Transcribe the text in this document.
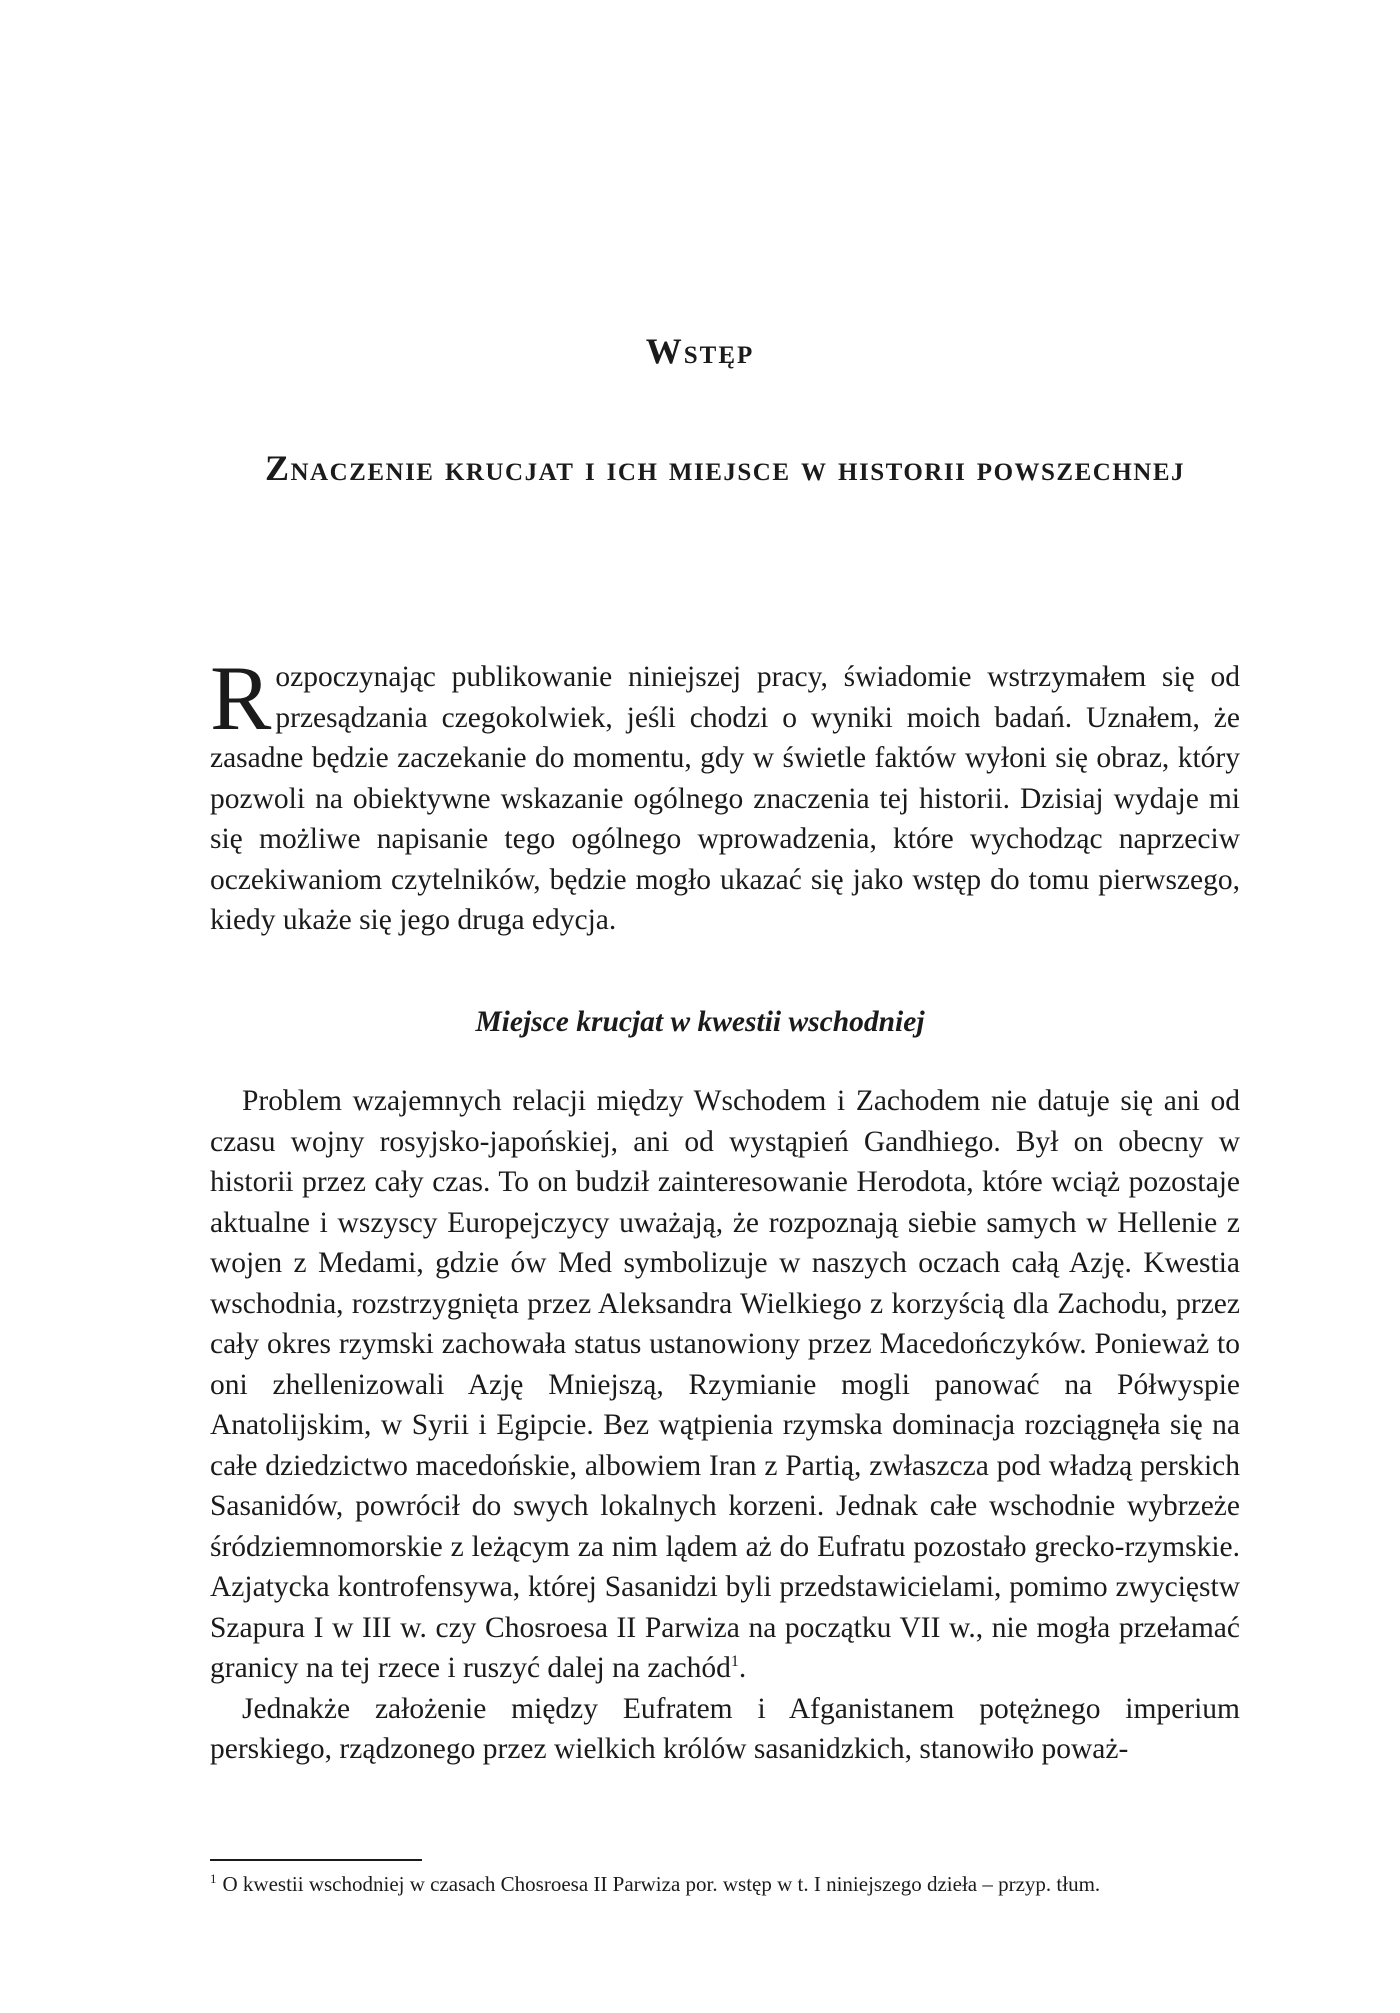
Wstęp
Znaczenie krucjat i ich miejsce w historii powszechnej

Rozpoczynając publikowanie niniejszej pracy, świadomie wstrzymałem się od przesądzania czegokolwiek, jeśli chodzi o wyniki moich badań. Uznałem, że zasadne będzie zaczekanie do momentu, gdy w świetle faktów wyłoni się obraz, który pozwoli na obiektywne wskazanie ogólnego znaczenia tej historii. Dzisiaj wydaje mi się możliwe napisanie tego ogólnego wprowadzenia, które wychodząc naprzeciw oczekiwaniom czytelników, będzie mogło ukazać się jako wstęp do tomu pierwszego, kiedy ukaże się jego druga edycja.

Miejsce krucjat w kwestii wschodniej

Problem wzajemnych relacji między Wschodem i Zachodem nie datuje się ani od czasu wojny rosyjsko-japońskiej, ani od wystąpień Gandhiego. Był on obecny w historii przez cały czas. To on budził zainteresowanie Herodota, które wciąż pozostaje aktualne i wszyscy Europejczycy uważają, że rozpoznają siebie samych w Hellenie z wojen z Medami, gdzie ów Med symbolizuje w naszych oczach całą Azję. Kwestia wschodnia, rozstrzygnięta przez Aleksandra Wielkiego z korzyścią dla Zachodu, przez cały okres rzymski zachowała status ustanowiony przez Macedończyków. Ponieważ to oni zhellenizowali Azję Mniejszą, Rzymianie mogli panować na Półwyspie Anatolijskim, w Syrii i Egipcie. Bez wątpienia rzymska dominacja rozciągnęła się na całe dziedzictwo macedońskie, albowiem Iran z Partią, zwłaszcza pod władzą perskich Sasanidów, powrócił do swych lokalnych korzeni. Jednak całe wschodnie wybrzeże śródziemnomorskie z leżącym za nim lądem aż do Eufratu pozostało grecko-rzymskie. Azjatycka kontrofensywa, której Sasanidzi byli przedstawicielami, pomimo zwycięstw Szapura I w III w. czy Chosroesa II Parwiza na początku VII w., nie mogła przełamać granicy na tej rzece i ruszyć dalej na zachód$^1$.

Jednakże założenie między Eufratem i Afganistanem potężnego imperium perskiego, rządzonego przez wielkich królów sasanidzkich, stanowiło poważ-

$^1$ O kwestii wschodniej w czasach Chosroesa II Parwiza por. wstęp w t. I niniejszego dzieła – przyp. tłum.
